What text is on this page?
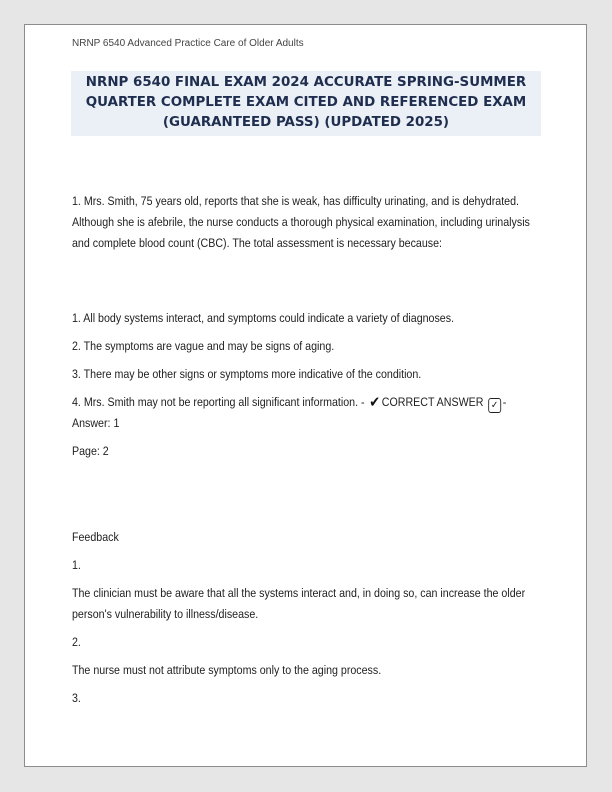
NRNP 6540 Advanced Practice Care of Older Adults
NRNP 6540 FINAL EXAM 2024 ACCURATE SPRING-SUMMER QUARTER COMPLETE EXAM CITED AND REFERENCED EXAM (GUARANTEED PASS) (UPDATED 2025)
1. Mrs. Smith, 75 years old, reports that she is weak, has difficulty urinating, and is dehydrated. Although she is afebrile, the nurse conducts a thorough physical examination, including urinalysis and complete blood count (CBC). The total assessment is necessary because:

1. All body systems interact, and symptoms could indicate a variety of diagnoses.

2. The symptoms are vague and may be signs of aging.

3. There may be other signs or symptoms more indicative of the condition.

4. Mrs. Smith may not be reporting all significant information. - ✔ CORRECT ANSWER ✓ - Answer: 1

Page: 2

Feedback

1.

The clinician must be aware that all the systems interact and, in doing so, can increase the older person's vulnerability to illness/disease.

2.

The nurse must not attribute symptoms only to the aging process.

3.
